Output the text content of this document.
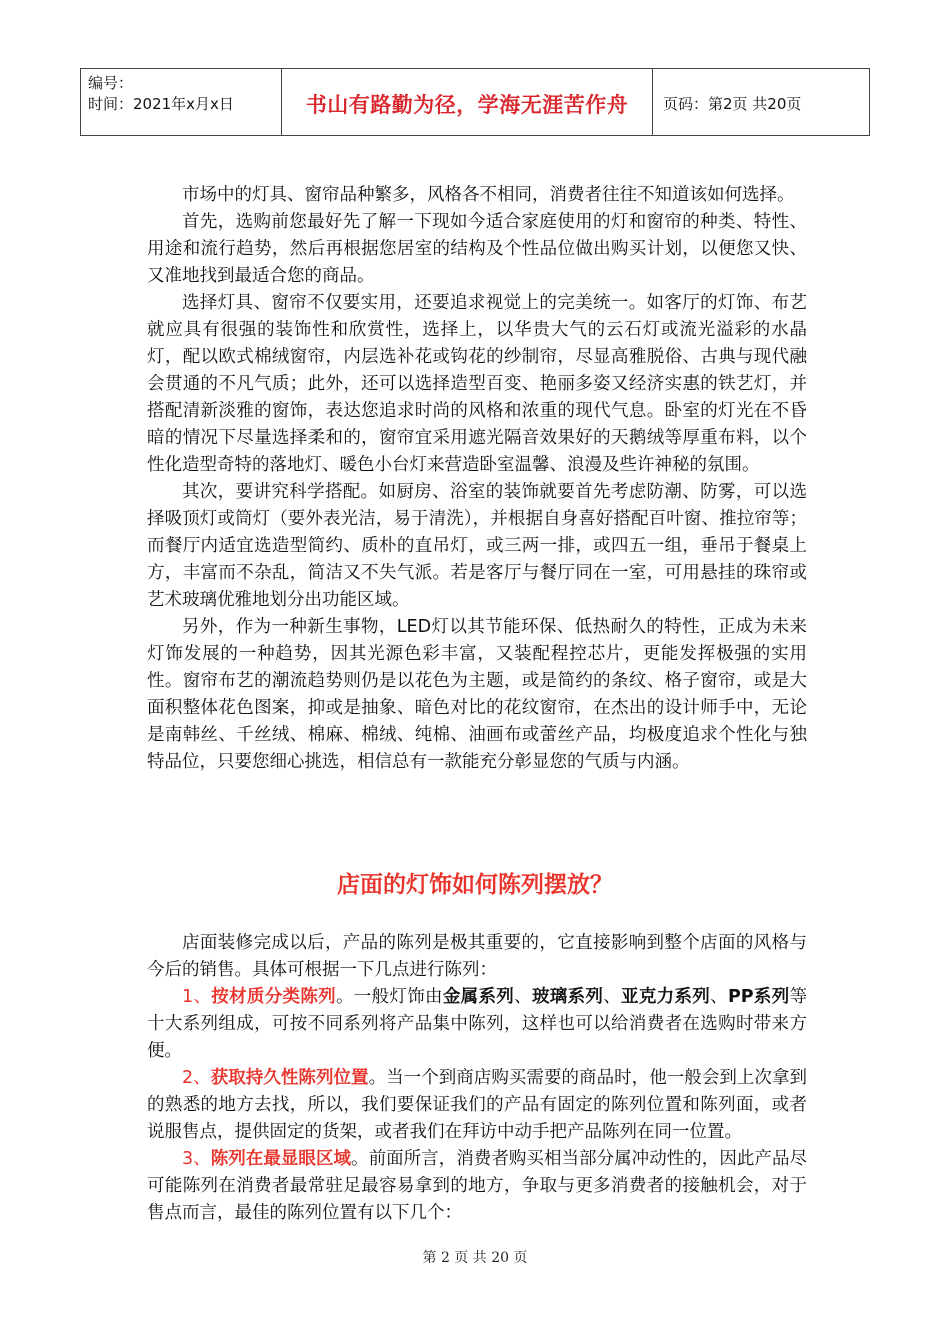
编号：
时间：2021年x月x日	书山有路勤为径，学海无涯苦作舟	页码：第2页 共20页

市场中的灯具、窗帘品种繁多，风格各不相同，消费者往往不知道该如何选择。

首先，选购前您最好先了解一下现如今适合家庭使用的灯和窗帘的种类、特性、用途和流行趋势，然后再根据您居室的结构及个性品位做出购买计划，以便您又快、又准地找到最适合您的商品。

选择灯具、窗帘不仅要实用，还要追求视觉上的完美统一。如客厅的灯饰、布艺就应具有很强的装饰性和欣赏性，选择上，以华贵大气的云石灯或流光溢彩的水晶灯，配以欧式棉绒窗帘，内层选补花或钩花的纱制帘，尽显高雅脱俗、古典与现代融会贯通的不凡气质；此外，还可以选择造型百变、艳丽多姿又经济实惠的铁艺灯，并搭配清新淡雅的窗饰，表达您追求时尚的风格和浓重的现代气息。卧室的灯光在不昏暗的情况下尽量选择柔和的，窗帘宜采用遮光隔音效果好的天鹅绒等厚重布料，以个性化造型奇特的落地灯、暖色小台灯来营造卧室温馨、浪漫及些许神秘的氛围。

其次，要讲究科学搭配。如厨房、浴室的装饰就要首先考虑防潮、防雾，可以选择吸顶灯或筒灯（要外表光洁，易于清洗），并根据自身喜好搭配百叶窗、推拉帘等；而餐厅内适宜选造型简约、质朴的直吊灯，或三两一排，或四五一组，垂吊于餐桌上方，丰富而不杂乱，简洁又不失气派。若是客厅与餐厅同在一室，可用悬挂的珠帘或艺术玻璃优雅地划分出功能区域。

另外，作为一种新生事物，LED灯以其节能环保、低热耐久的特性，正成为未来灯饰发展的一种趋势，因其光源色彩丰富，又装配程控芯片，更能发挥极强的实用性。窗帘布艺的潮流趋势则仍是以花色为主题，或是简约的条纹、格子窗帘，或是大面积整体花色图案，抑或是抽象、暗色对比的花纹窗帘，在杰出的设计师手中，无论是南韩丝、千丝绒、棉麻、棉绒、纯棉、油画布或蕾丝产品，均极度追求个性化与独特品位，只要您细心挑选，相信总有一款能充分彰显您的气质与内涵。

店面的灯饰如何陈列摆放？

店面装修完成以后，产品的陈列是极其重要的，它直接影响到整个店面的风格与今后的销售。具体可根据一下几点进行陈列：

1、按材质分类陈列。一般灯饰由金属系列、玻璃系列、亚克力系列、PP系列等十大系列组成，可按不同系列将产品集中陈列，这样也可以给消费者在选购时带来方便。

2、获取持久性陈列位置。当一个到商店购买需要的商品时，他一般会到上次拿到的熟悉的地方去找，所以，我们要保证我们的产品有固定的陈列位置和陈列面，或者说服售点，提供固定的货架，或者我们在拜访中动手把产品陈列在同一位置。

3、陈列在最显眼区域。前面所言，消费者购买相当部分属冲动性的，因此产品尽可能陈列在消费者最常驻足最容易拿到的地方，争取与更多消费者的接触机会，对于售点而言，最佳的陈列位置有以下几个：

第 2 页 共 20 页
